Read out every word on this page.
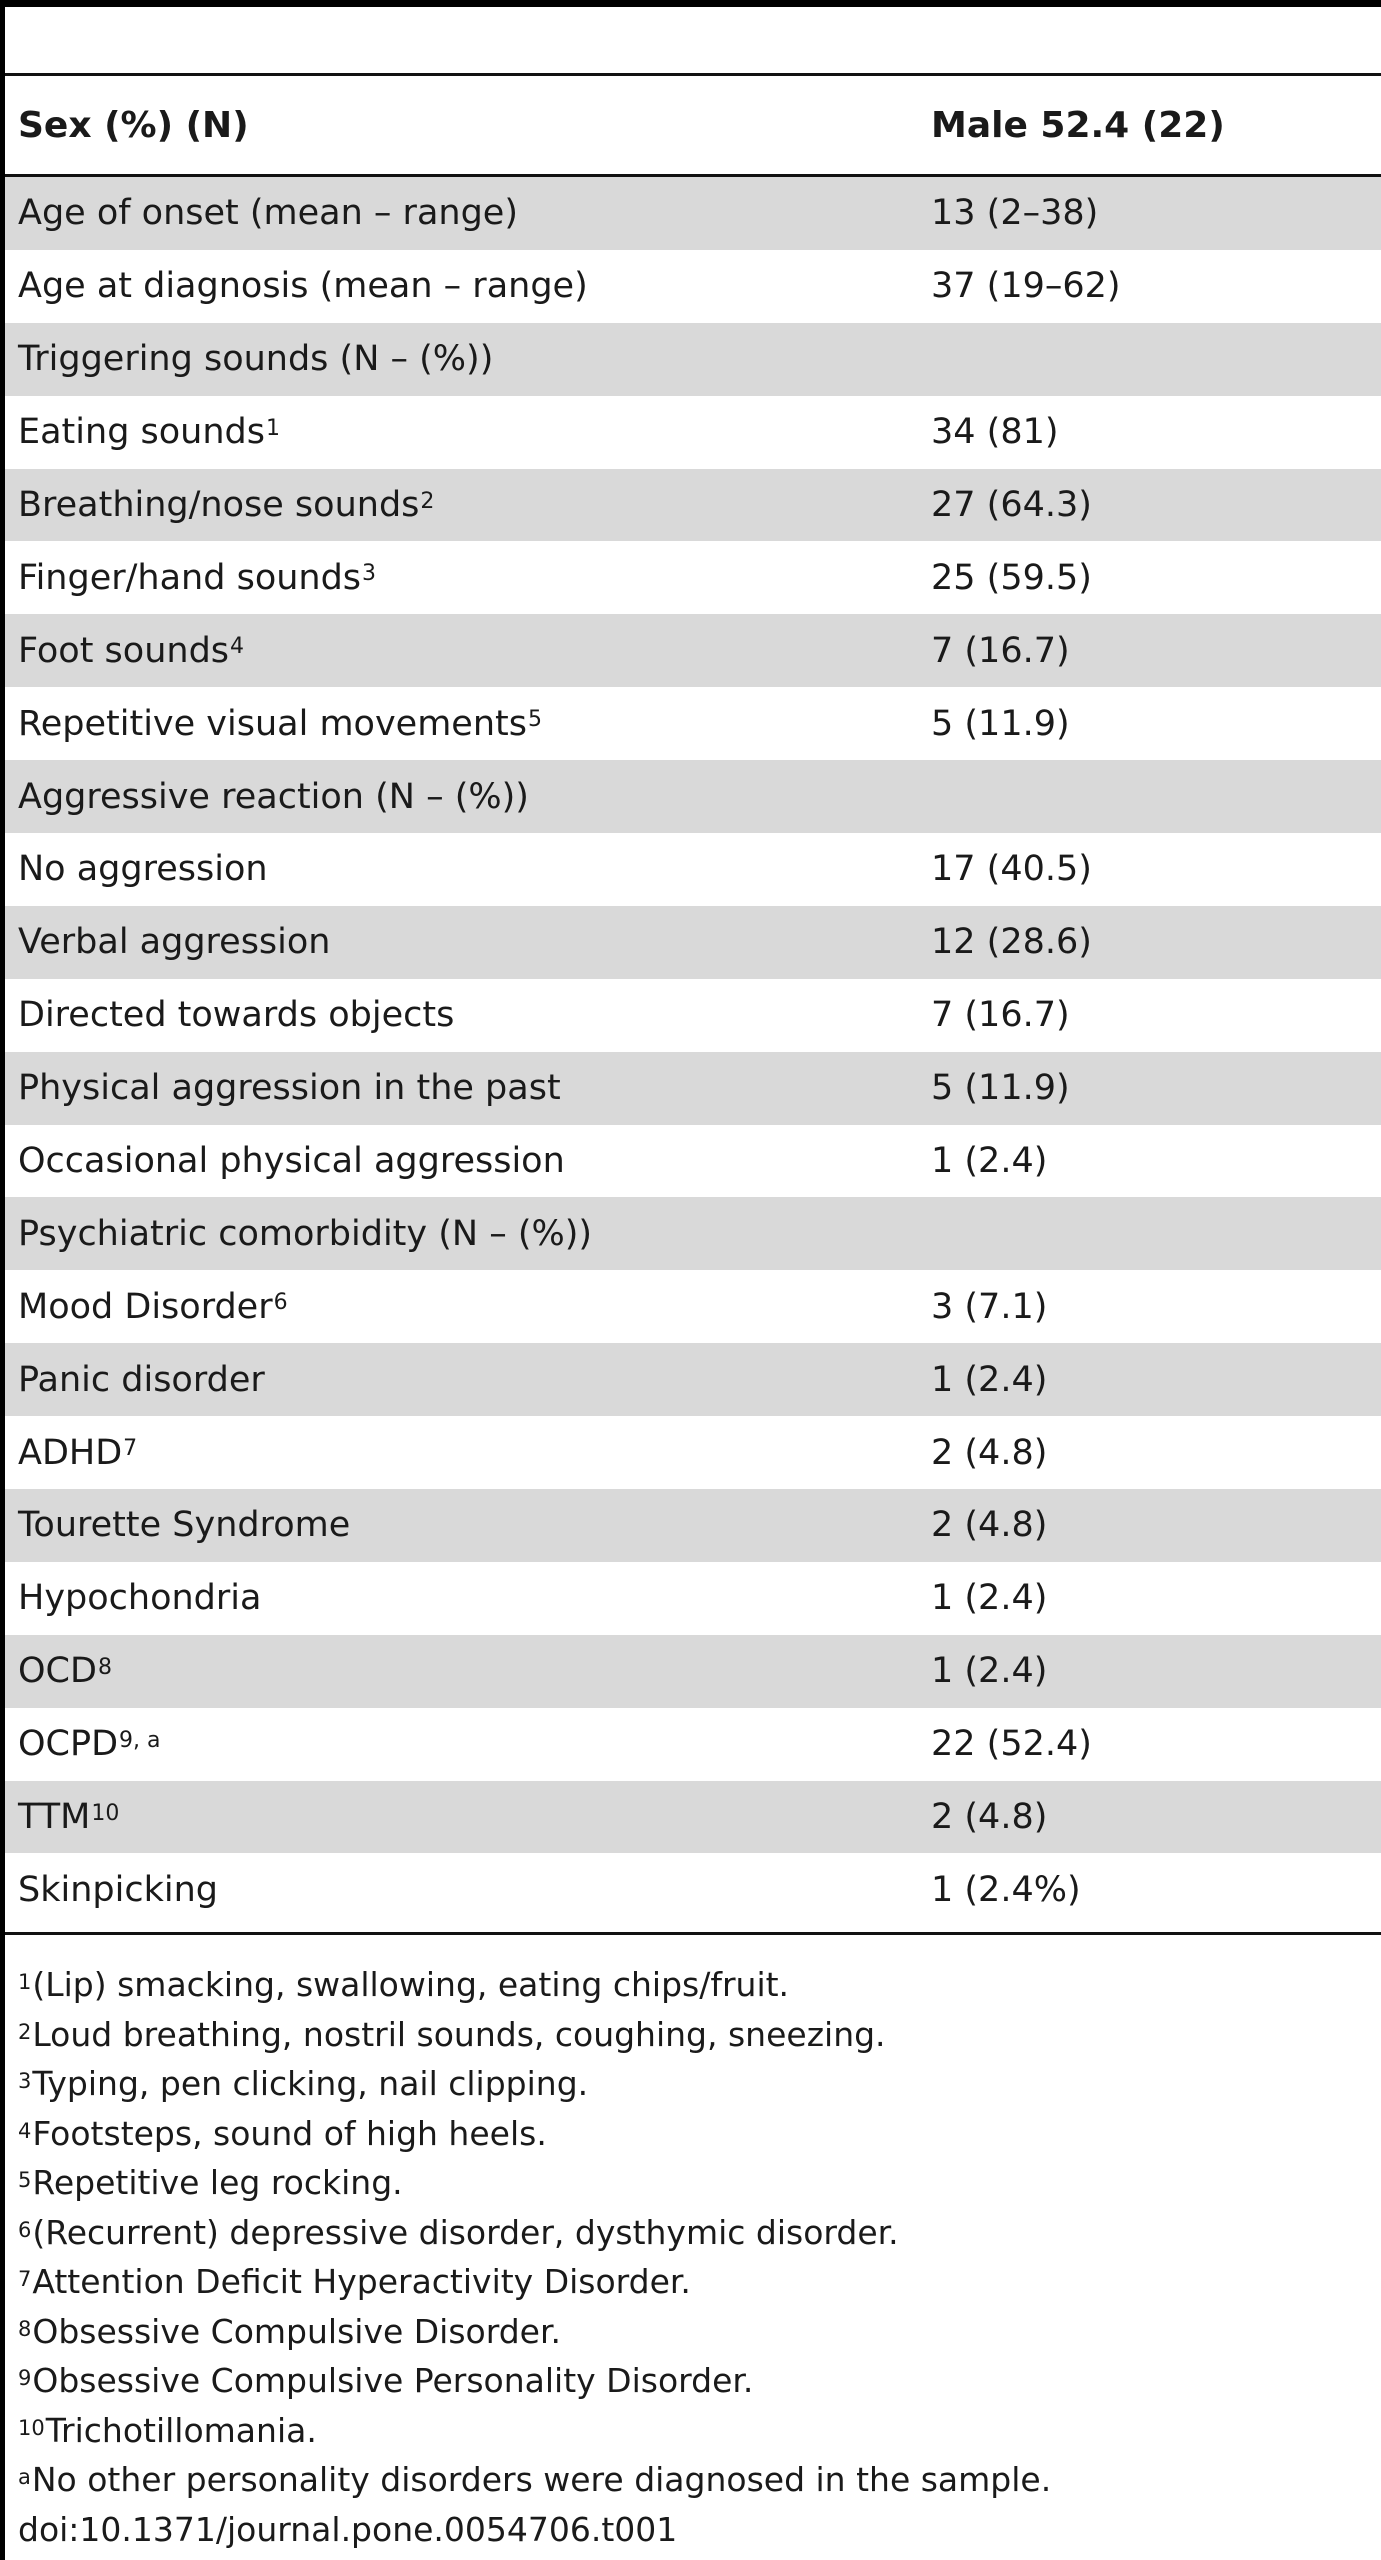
Sex (%) (N)	Male 52.4 (22)
Age of onset (mean – range)	13 (2–38)
Age at diagnosis (mean – range)	37 (19–62)
Triggering sounds (N – (%))
Eating sounds$^1$	34 (81)
Breathing/nose sounds$^2$	27 (64.3)
Finger/hand sounds$^3$	25 (59.5)
Foot sounds$^4$	7 (16.7)
Repetitive visual movements$^5$	5 (11.9)
Aggressive reaction (N – (%))
No aggression	17 (40.5)
Verbal aggression	12 (28.6)
Directed towards objects	7 (16.7)
Physical aggression in the past	5 (11.9)
Occasional physical aggression	1 (2.4)
Psychiatric comorbidity (N – (%))
Mood Disorder $^6$	3 (7.1)
Panic disorder	1 (2.4)
ADHD$^7$	2 (4.8)
Tourette Syndrome	2 (4.8)
Hypochondria	1 (2.4)
OCD$^8$	1 (2.4)
OCPD$^{9, a}$	22 (52.4)
TTM$^{10}$	2 (4.8)
Skinpicking	1 (2.4%)
$^1$(Lip) smacking, swallowing, eating chips/fruit.
$^2$Loud breathing, nostril sounds, coughing, sneezing.
$^3$Typing, pen clicking, nail clipping.
$^4$Footsteps, sound of high heels.
$^5$Repetitive leg rocking.
$^6$(Recurrent) depressive disorder, dysthymic disorder.
$^7$Attention Deficit Hyperactivity Disorder.
$^8$Obsessive Compulsive Disorder.
$^9$Obsessive Compulsive Personality Disorder.
$^{10}$Trichotillomania.
$^a$No other personality disorders were diagnosed in the sample.
doi:10.1371/journal.pone.0054706.t001
